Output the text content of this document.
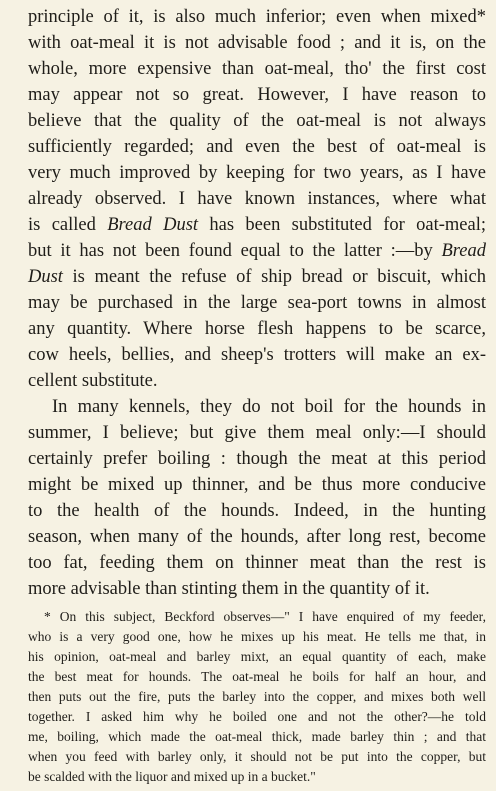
principle of it, is also much inferior; even when mixed*
with oat-meal it is not advisable food ; and it is, on the
whole, more expensive than oat-meal, tho' the first cost
may appear not so great. However, I have reason to
believe that the quality of the oat-meal is not always
sufficiently regarded; and even the best of oat-meal is
very much improved by keeping for two years, as I have
already observed. I have known instances, where what
is called Bread Dust has been substituted for oat-meal;
but it has not been found equal to the latter :—by Bread
Dust is meant the refuse of ship bread or biscuit, which
may be purchased in the large sea-port towns in almost
any quantity. Where horse flesh happens to be scarce,
cow heels, bellies, and sheep's trotters will make an ex-
cellent substitute.
In many kennels, they do not boil for the hounds in
summer, I believe; but give them meal only:—I should
certainly prefer boiling : though the meat at this period
might be mixed up thinner, and be thus more conducive
to the health of the hounds. Indeed, in the hunting
season, when many of the hounds, after long rest, become
too fat, feeding them on thinner meat than the rest is
more advisable than stinting them in the quantity of it.
* On this subject, Beckford observes—" I have enquired of my feeder,
who is a very good one, how he mixes up his meat. He tells me that, in
his opinion, oat-meal and barley mixt, an equal quantity of each, make
the best meat for hounds. The oat-meal he boils for half an hour, and
then puts out the fire, puts the barley into the copper, and mixes both well
together. I asked him why he boiled one and not the other?—he told
me, boiling, which made the oat-meal thick, made barley thin ; and that
when you feed with barley only, it should not be put into the copper, but
be scalded with the liquor and mixed up in a bucket."
